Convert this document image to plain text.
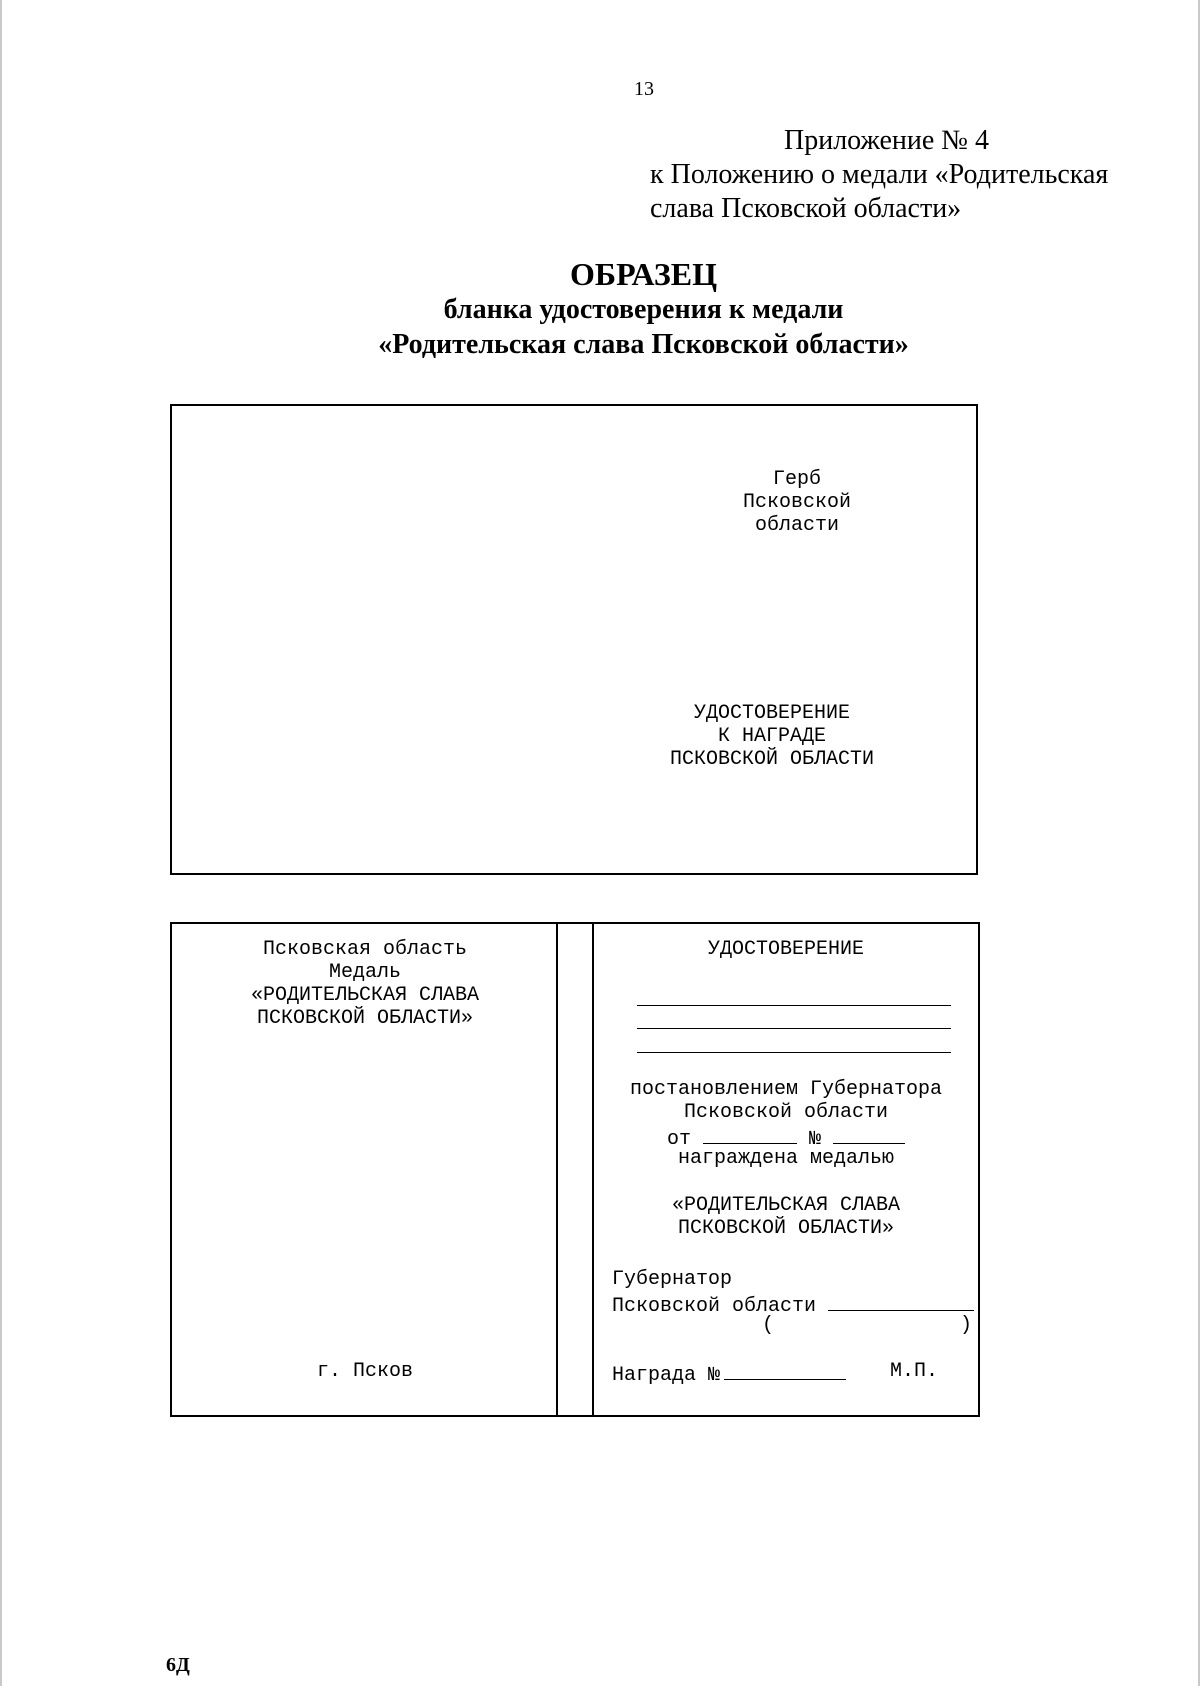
13
Приложение № 4
к Положению о медали «Родительская
слава Псковской области»
ОБРАЗЕЦ
бланка удостоверения к медали
«Родительская слава Псковской области»
Герб
Псковской
области
УДОСТОВЕРЕНИЕ
К НАГРАДЕ
ПСКОВСКОЙ ОБЛАСТИ
Псковская область
Медаль
«РОДИТЕЛЬСКАЯ СЛАВА
ПСКОВСКОЙ ОБЛАСТИ»
г. Псков
УДОСТОВЕРЕНИЕ
постановлением Губернатора
Псковской области
от	№
награждена медалью
«РОДИТЕЛЬСКАЯ СЛАВА
ПСКОВСКОЙ ОБЛАСТИ»
Губернатор
Псковской области
(	)
Награда №	М.П.
6Д
